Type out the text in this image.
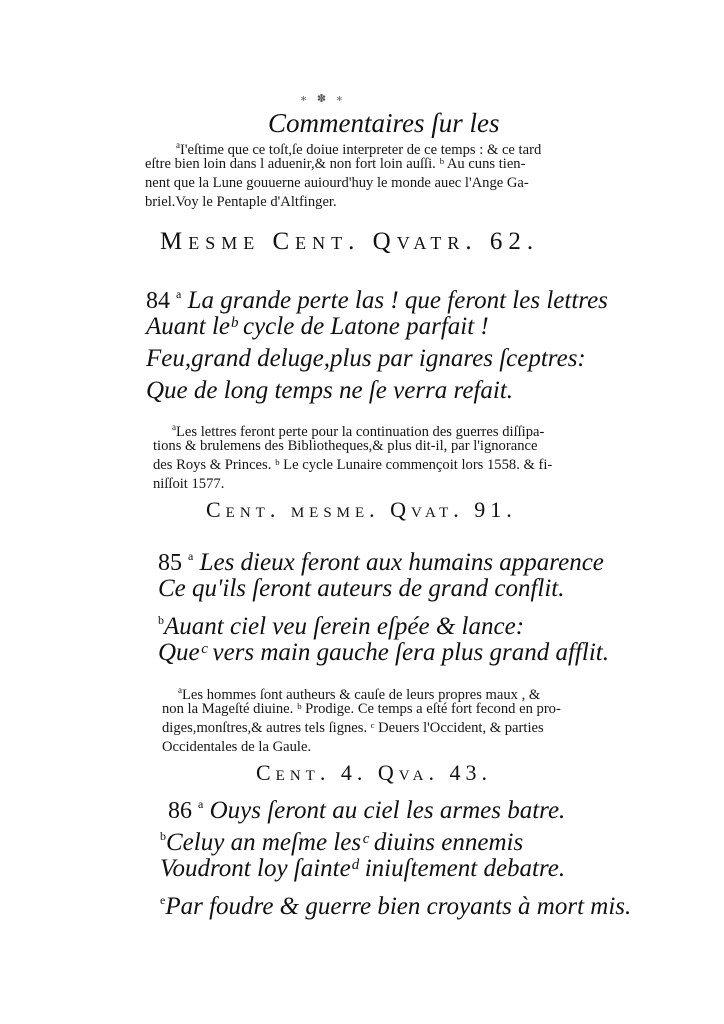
∗ ✽ ∗
Commentaires ſur les
$^a$I'eſtime que ce toſt,ſe doiue interpreter de ce temps : & ce tard
eſtre bien loin dans l aduenir,& non fort loin auſſi. ᵇ Au cuns tien-
nent que la Lune gouuerne auiourd'huy le monde auec l'Ange Ga-
briel.Voy le Pentaple d'Altfinger.
Mesme Cent. Qvatr. 62.
84 $^a$ La grande perte las ! que feront les lettres
Auant leᵇ cycle de Latone parfait !
Feu,grand deluge,plus par ignares ſceptres:
Que de long temps ne ſe verra refait.
$^a$Les lettres feront perte pour la continuation des guerres diſſipa-
tions & brulemens des Bibliotheques,& plus dit-il, par l'ignorance
des Roys & Princes. ᵇ Le cycle Lunaire commençoit lors 1558. & fi-
niſſoit 1577.
Cent. mesme. Qvat. 91.
85 $^a$ Les dieux feront aux humains apparence
Ce qu'ils ſeront auteurs de grand conflit.
$^b$Auant ciel veu ſerein eſpée & lance:
Queᶜ vers main gauche ſera plus grand afflit.
$^a$Les hommes ſont autheurs & cauſe de leurs propres maux , &
non la Mageſté diuine. ᵇ Prodige. Ce temps a eſté fort fecond en pro-
diges,monſtres,& autres tels ſignes. ᶜ Deuers l'Occident, & parties
Occidentales de la Gaule.
Cent. 4. Qva. 43.
86 $^a$ Ouys ſeront au ciel les armes batre.
$^b$Celuy an meſme lesᶜ diuins ennemis
Voudront loy ſainteᵈ iniuſtement debatre.
$^e$Par foudre & guerre bien croyants à mort mis.
